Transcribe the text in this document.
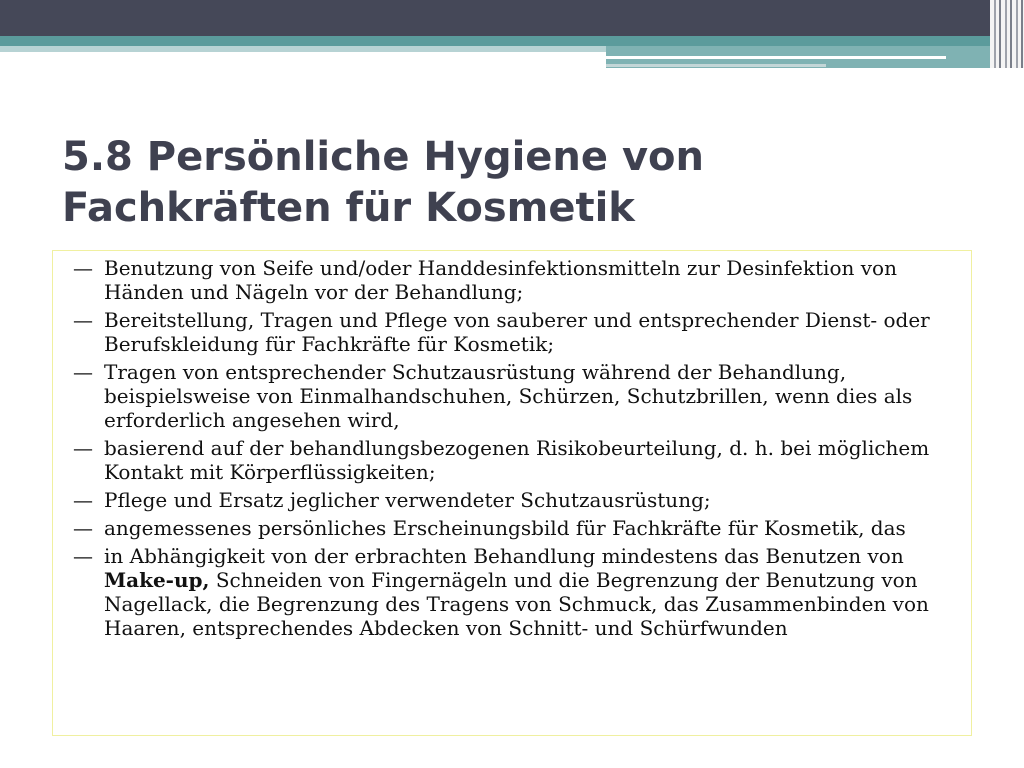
5.8 Persönliche Hygiene von
Fachkräften für Kosmetik
— Benutzung von Seife und/oder Handdesinfektionsmitteln zur Desinfektion von Händen und Nägeln vor der Behandlung;
— Bereitstellung, Tragen und Pflege von sauberer und entsprechender Dienst- oder Berufskleidung für Fachkräfte für Kosmetik;
— Tragen von entsprechender Schutzausrüstung während der Behandlung, beispielsweise von Einmalhandschuhen, Schürzen, Schutzbrillen, wenn dies als erforderlich angesehen wird,
— basierend auf der behandlungsbezogenen Risikobeurteilung, d. h. bei möglichem Kontakt mit Körperflüssigkeiten;
— Pflege und Ersatz jeglicher verwendeter Schutzausrüstung;
— angemessenes persönliches Erscheinungsbild für Fachkräfte für Kosmetik, das
— in Abhängigkeit von der erbrachten Behandlung mindestens das Benutzen von Make-up, Schneiden von Fingernägeln und die Begrenzung der Benutzung von Nagellack, die Begrenzung des Tragens von Schmuck, das Zusammenbinden von Haaren, entsprechendes Abdecken von Schnitt- und Schürfwunden
